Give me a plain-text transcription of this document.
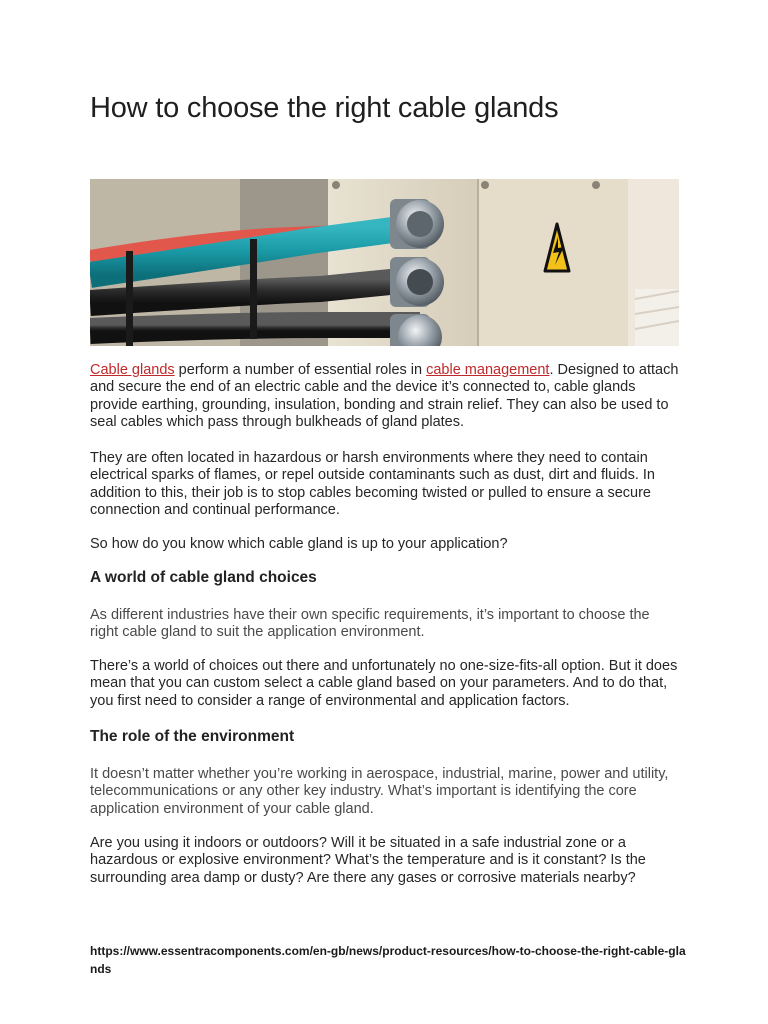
How to choose the right cable glands

Cable glands perform a number of essential roles in cable management. Designed to attach and secure the end of an electric cable and the device it’s connected to, cable glands provide earthing, grounding, insulation, bonding and strain relief. They can also be used to seal cables which pass through bulkheads of gland plates.

They are often located in hazardous or harsh environments where they need to contain electrical sparks of flames, or repel outside contaminants such as dust, dirt and fluids. In addition to this, their job is to stop cables becoming twisted or pulled to ensure a secure connection and continual performance.

So how do you know which cable gland is up to your application?

A world of cable gland choices

As different industries have their own specific requirements, it’s important to choose the right cable gland to suit the application environment.

There’s a world of choices out there and unfortunately no one-size-fits-all option. But it does mean that you can custom select a cable gland based on your parameters. And to do that, you first need to consider a range of environmental and application factors.

The role of the environment

It doesn’t matter whether you’re working in aerospace, industrial, marine, power and utility, telecommunications or any other key industry. What’s important is identifying the core application environment of your cable gland.

Are you using it indoors or outdoors? Will it be situated in a safe industrial zone or a hazardous or explosive environment? What’s the temperature and is it constant? Is the surrounding area damp or dusty? Are there any gases or corrosive materials nearby?

https://www.essentracomponents.com/en-gb/news/product-resources/how-to-choose-the-right-cable-glands
